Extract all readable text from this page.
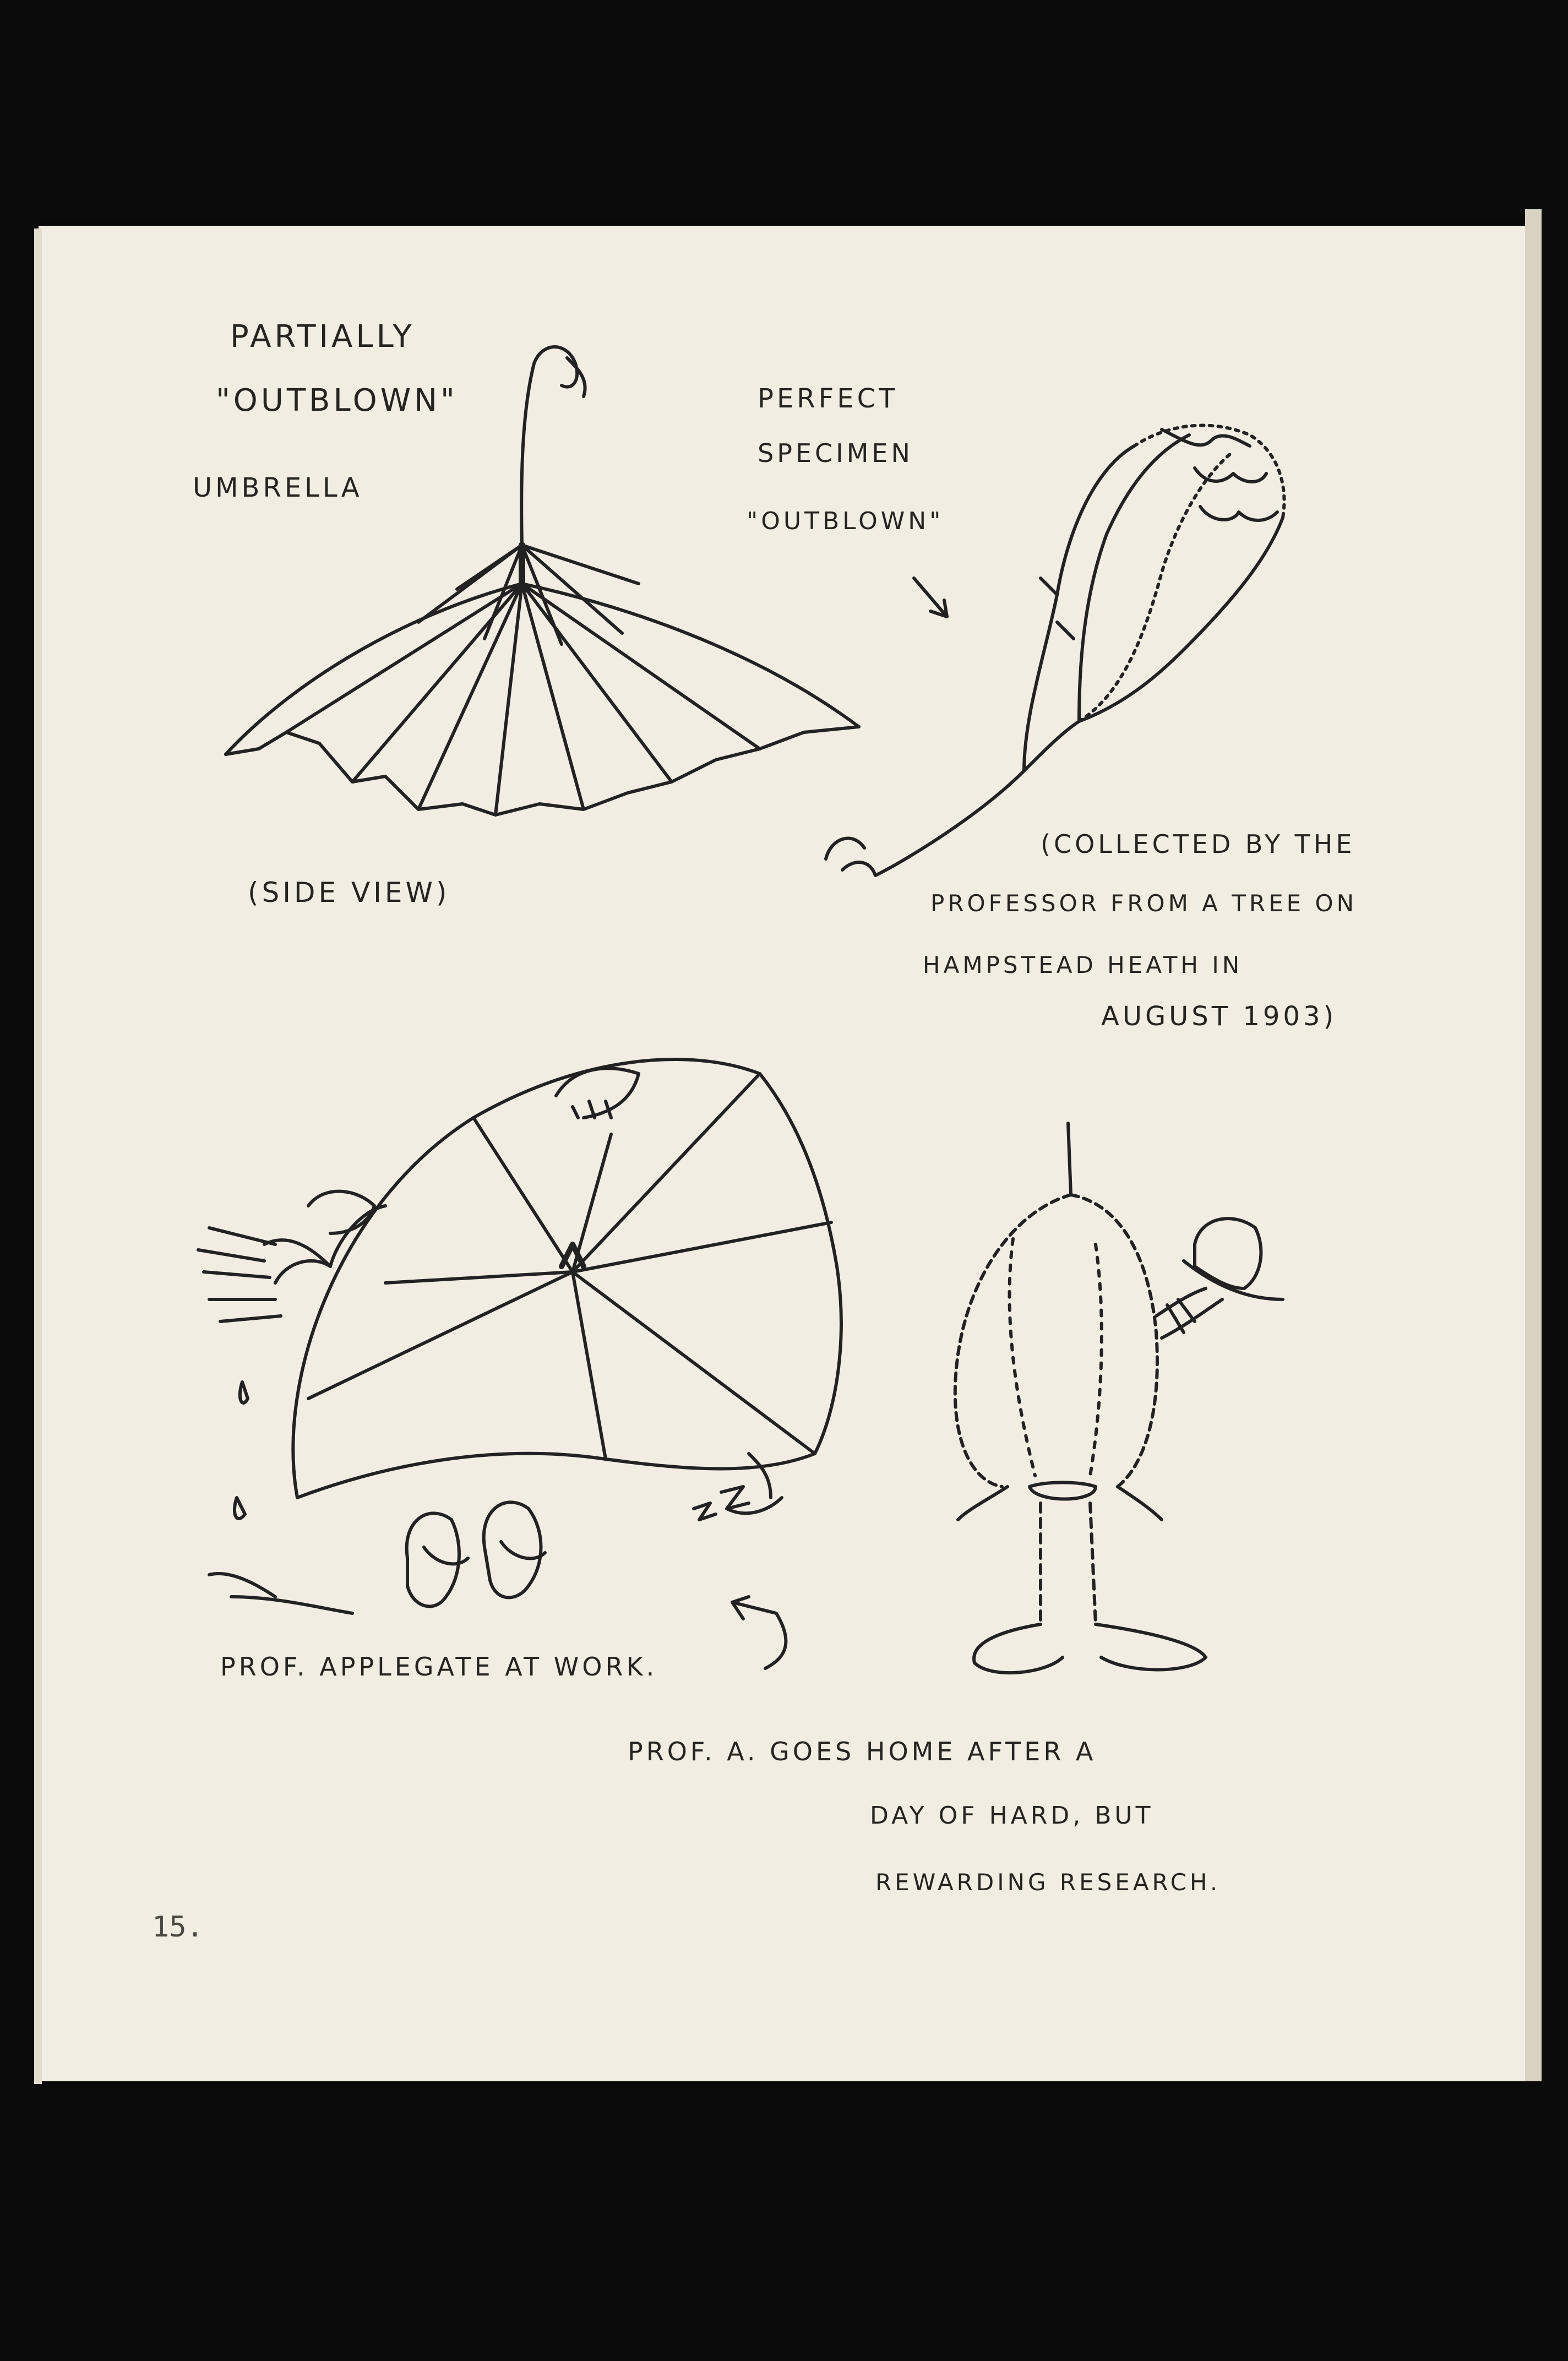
PARTIALLY
"OUTBLOWN"
UMBRELLA
PERFECT
SPECIMEN
"OUTBLOWN"
(SIDE VIEW)
(COLLECTED BY THE
PROFESSOR FROM A TREE ON
HAMPSTEAD HEATH IN
AUGUST 1903)
PROF. APPLEGATE AT WORK.
PROF. A. GOES HOME AFTER A
DAY OF HARD, BUT
REWARDING RESEARCH.
15.
